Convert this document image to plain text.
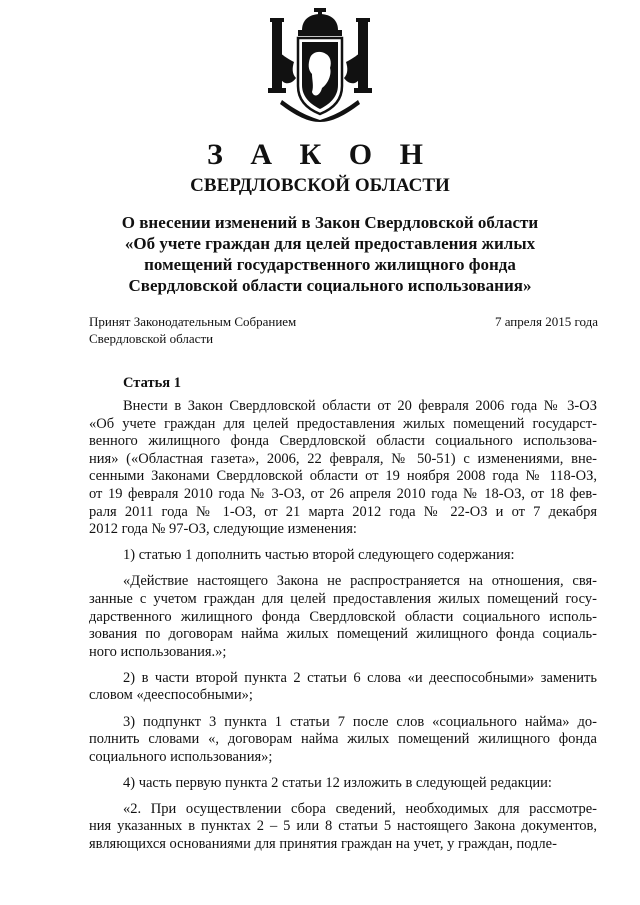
З А К О Н
СВЕРДЛОВСКОЙ ОБЛАСТИ
О внесении изменений в Закон Свердловской области
«Об учете граждан для целей предоставления жилых
помещений государственного жилищного фонда
Свердловской области социального использования»
Принят Законодательным Собранием
Свердловской области
7 апреля 2015 года
Статья 1
Внести в Закон Свердловской области от 20 февраля 2006 года № 3-ОЗ
«Об учете граждан для целей предоставления жилых помещений государст-
венного жилищного фонда Свердловской области социального использова-
ния» («Областная газета», 2006, 22 февраля, № 50-51) с изменениями, вне-
сенными Законами Свердловской области от 19 ноября 2008 года № 118-ОЗ,
от 19 февраля 2010 года № 3-ОЗ, от 26 апреля 2010 года № 18-ОЗ, от 18 фев-
раля 2011 года № 1-ОЗ, от 21 марта 2012 года № 22-ОЗ и от 7 декабря
2012 года № 97-ОЗ, следующие изменения:
1) статью 1 дополнить частью второй следующего содержания:
«Действие настоящего Закона не распространяется на отношения, свя-
занные с учетом граждан для целей предоставления жилых помещений госу-
дарственного жилищного фонда Свердловской области социального исполь-
зования по договорам найма жилых помещений жилищного фонда социаль-
ного использования.»;
2) в части второй пункта 2 статьи 6 слова «и дееспособными» заменить
словом «дееспособными»;
3) подпункт 3 пункта 1 статьи 7 после слов «социального найма» до-
полнить словами «, договорам найма жилых помещений жилищного фонда
социального использования»;
4) часть первую пункта 2 статьи 12 изложить в следующей редакции:
«2. При осуществлении сбора сведений, необходимых для рассмотре-
ния указанных в пунктах 2 – 5 или 8 статьи 5 настоящего Закона документов,
являющихся основаниями для принятия граждан на учет, у граждан, подле-
